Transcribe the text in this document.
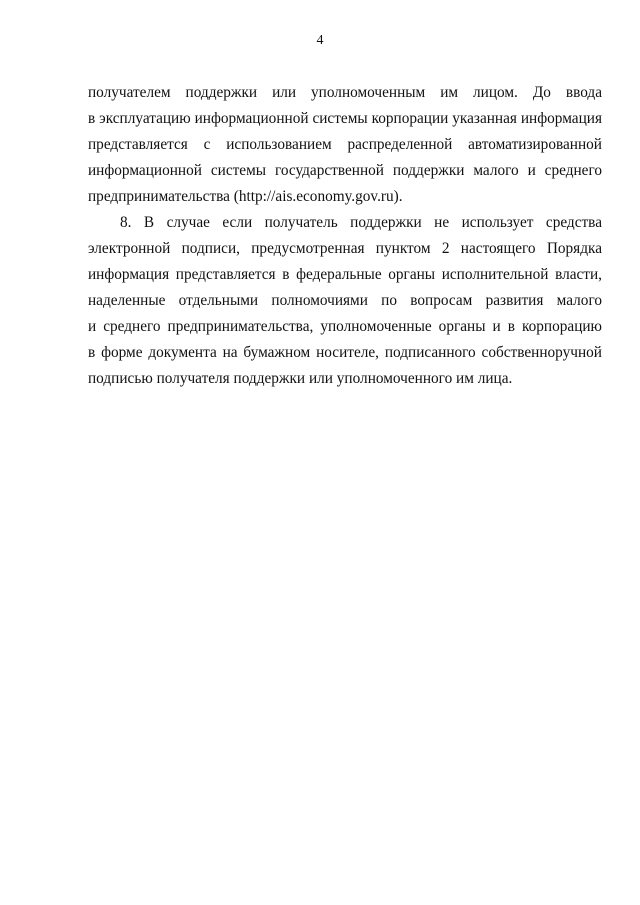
4
получателем поддержки или уполномоченным им лицом. До ввода
в эксплуатацию информационной системы корпорации указанная информация
представляется с использованием распределенной автоматизированной
информационной системы государственной поддержки малого и среднего
предпринимательства (http://ais.economy.gov.ru).
8. В случае если получатель поддержки не использует средства
электронной подписи, предусмотренная пунктом 2 настоящего Порядка
информация представляется в федеральные органы исполнительной власти,
наделенные отдельными полномочиями по вопросам развития малого
и среднего предпринимательства, уполномоченные органы и в корпорацию
в форме документа на бумажном носителе, подписанного собственноручной
подписью получателя поддержки или уполномоченного им лица.
